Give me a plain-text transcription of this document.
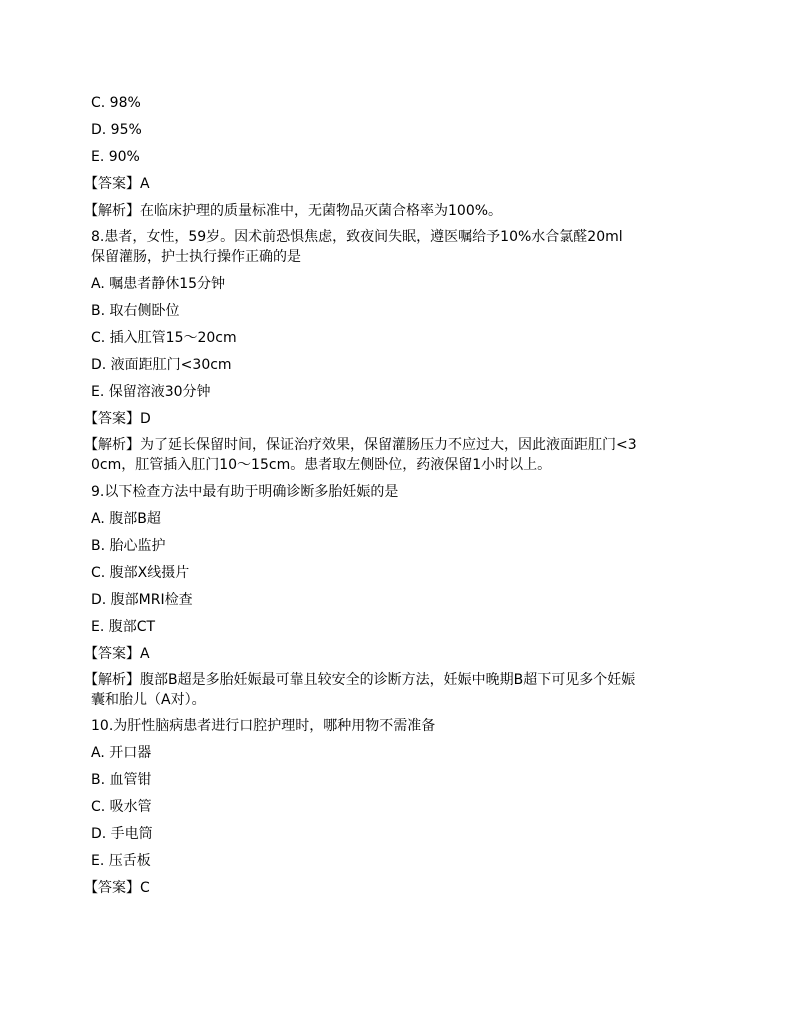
C. 98%
D. 95%
E. 90%
【答案】A
【解析】在临床护理的质量标准中，无菌物品灭菌合格率为100%。
8.患者，女性，59岁。因术前恐惧焦虑，致夜间失眠，遵医嘱给予10%水合氯醛20ml
保留灌肠，护士执行操作正确的是
A. 嘱患者静休15分钟
B. 取右侧卧位
C. 插入肛管15～20cm
D. 液面距肛门<30cm
E. 保留溶液30分钟
【答案】D
【解析】为了延长保留时间，保证治疗效果，保留灌肠压力不应过大，因此液面距肛门<3
0cm，肛管插入肛门10～15cm。患者取左侧卧位，药液保留1小时以上。
9.以下检查方法中最有助于明确诊断多胎妊娠的是
A. 腹部B超
B. 胎心监护
C. 腹部X线摄片
D. 腹部MRI检查
E. 腹部CT
【答案】A
【解析】腹部B超是多胎妊娠最可靠且较安全的诊断方法，妊娠中晚期B超下可见多个妊娠
囊和胎儿（A对）。
10.为肝性脑病患者进行口腔护理时，哪种用物不需准备
A. 开口器
B. 血管钳
C. 吸水管
D. 手电筒
E. 压舌板
【答案】C
